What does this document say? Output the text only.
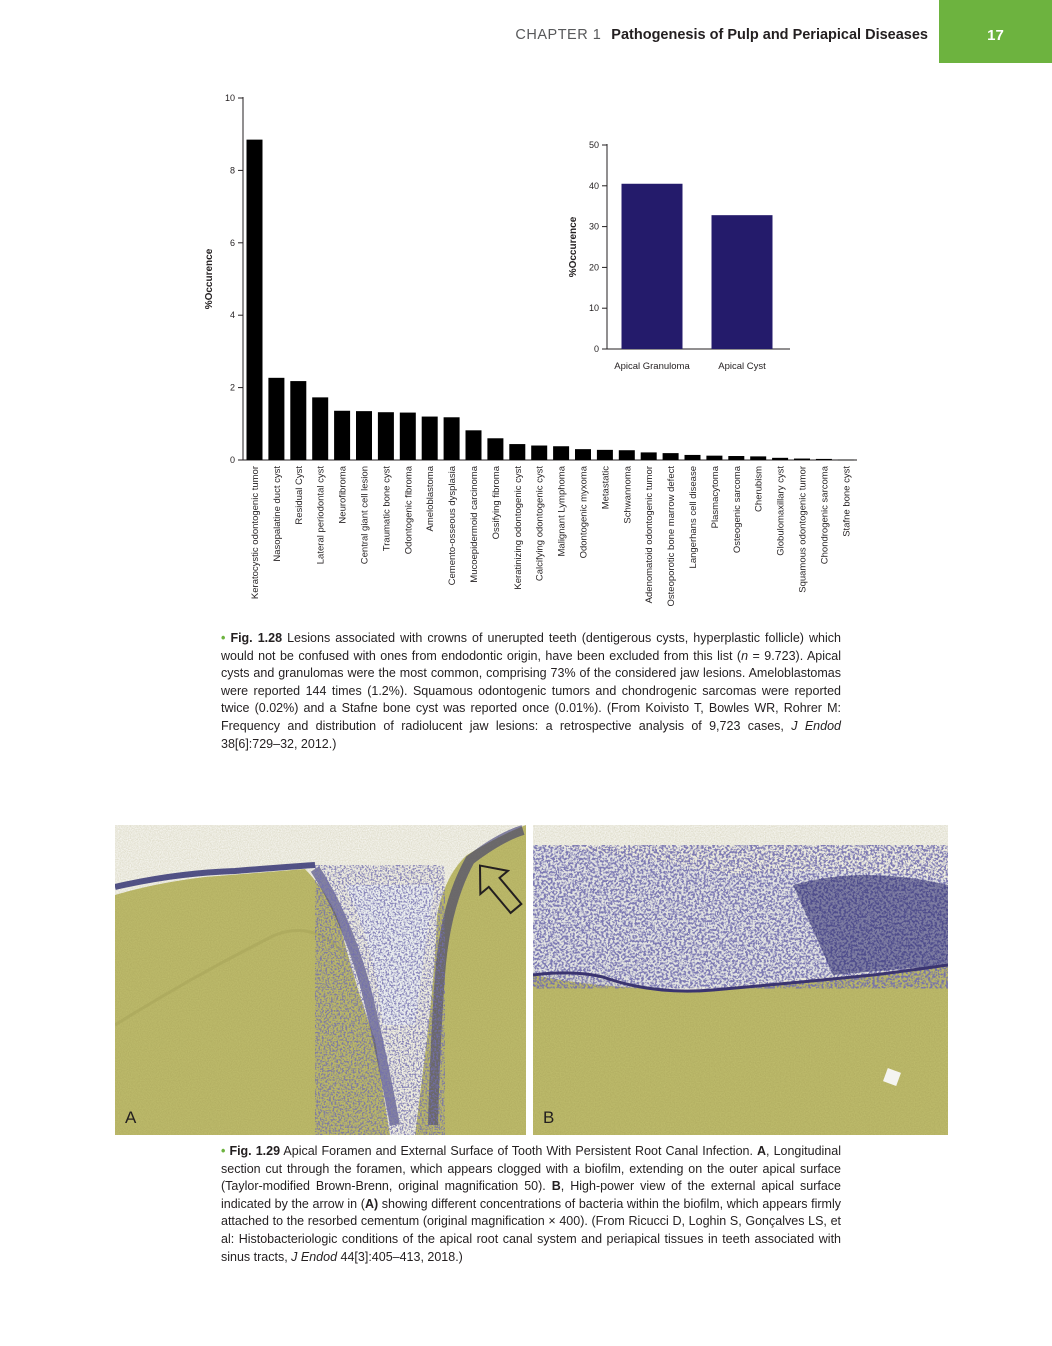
CHAPTER 1 Pathogenesis of Pulp and Periapical Diseases	17
0
2
4
6
8
10
%Occurence
Keratocystic odontogenic tumor Nasopalatine duct cyst Residual Cyst Lateral periodontal cyst Neurofibroma Central giant cell lesion Traumatic bone cyst Odontogenic fibroma Ameloblastoma Cemento-osseous dysplasia Mucoepidermoid carcinoma Ossifying fibroma Keratinizing odontogenic cyst Calcifying odontogenic cyst Malignant Lymphoma Odontogenic myxoma Metastatic Schwannoma Adenomatoid odontogenic tumor Osteoporotic bone marrow defect Langerhans cell disease Plasmacytoma Osteogenic sarcoma Cherubism Globulomaxillary cyst Squamous odontogenic tumor Chondrogenic sarcoma Stafne bone cyst
0
10
20
30
40
50
%Occurence
Apical Granuloma	Apical Cyst
• Fig. 1.28 Lesions associated with crowns of unerupted teeth (dentigerous cysts, hyperplastic follicle) which would not be confused with ones from endodontic origin, have been excluded from this list (n = 9.723). Apical cysts and granulomas were the most common, comprising 73% of the considered jaw lesions. Ameloblastomas were reported 144 times (1.2%). Squamous odontogenic tumors and chondrogenic sarcomas were reported twice (0.02%) and a Stafne bone cyst was reported once (0.01%). (From Koivisto T, Bowles WR, Rohrer M: Frequency and distribution of radiolucent jaw lesions: a retrospective analysis of 9,723 cases, J Endod 38[6]:729–32, 2012.)
A	B
• Fig. 1.29 Apical Foramen and External Surface of Tooth With Persistent Root Canal Infection. A, Longitudinal section cut through the foramen, which appears clogged with a biofilm, extending on the outer apical surface (Taylor-modified Brown-Brenn, original magnification 50). B, High-power view of the external apical surface indicated by the arrow in (A) showing different concentrations of bacteria within the biofilm, which appears firmly attached to the resorbed cementum (original magnification × 400). (From Ricucci D, Loghin S, Gonçalves LS, et al: Histobacteriologic conditions of the apical root canal system and periapical tissues in teeth associated with sinus tracts, J Endod 44[3]:405–413, 2018.)
